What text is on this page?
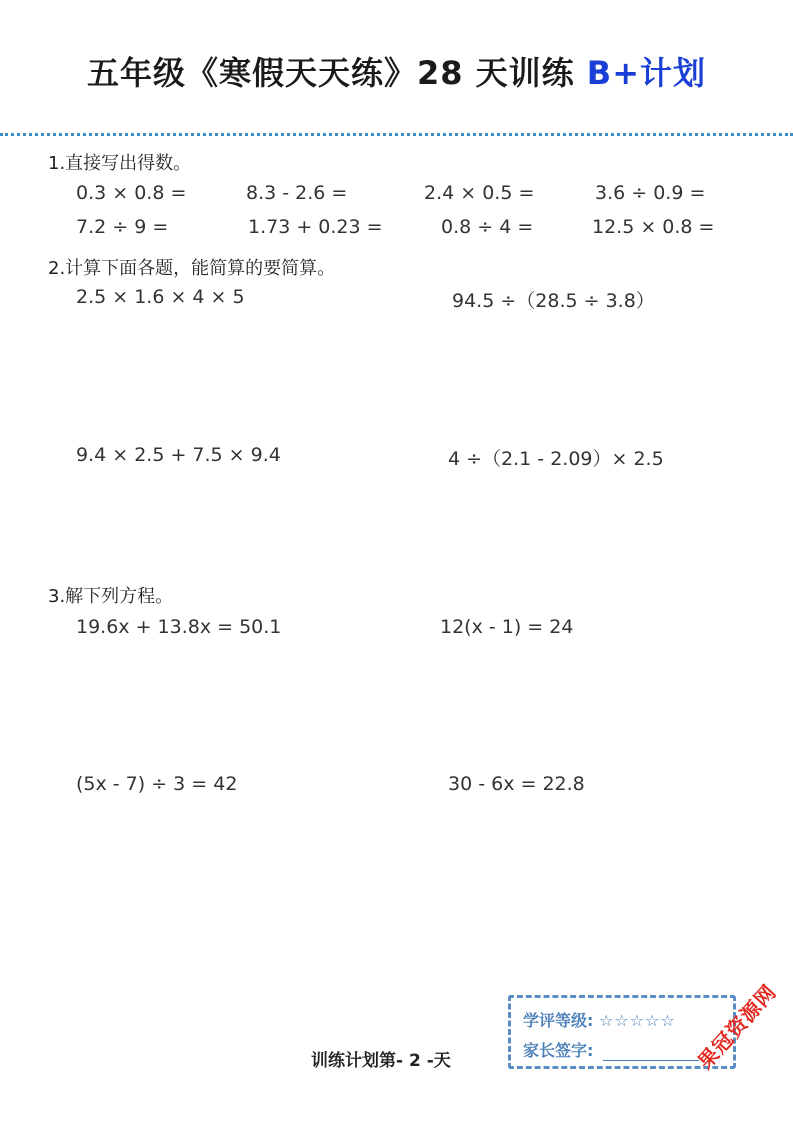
五年级《寒假天天练》28 天训练 B+计划
1.直接写出得数。
0.3 × 0.8 =	8.3 - 2.6 =	2.4 × 0.5 =	3.6 ÷ 0.9 =
7.2 ÷ 9 =	1.73 + 0.23 =	0.8 ÷ 4 =	12.5 × 0.8 =
2.计算下面各题，能简算的要简算。
2.5 × 1.6 × 4 × 5	94.5 ÷（28.5 ÷ 3.8）
9.4 × 2.5 + 7.5 × 9.4	4 ÷（2.1 - 2.09）× 2.5
3.解下列方程。
19.6x + 13.8x = 50.1	12(x - 1) = 24
(5x - 7) ÷ 3 = 42	30 - 6x = 22.8
训练计划第- 2 -天
学评等级: ☆☆☆☆☆
家长签字:	果冠资源网
